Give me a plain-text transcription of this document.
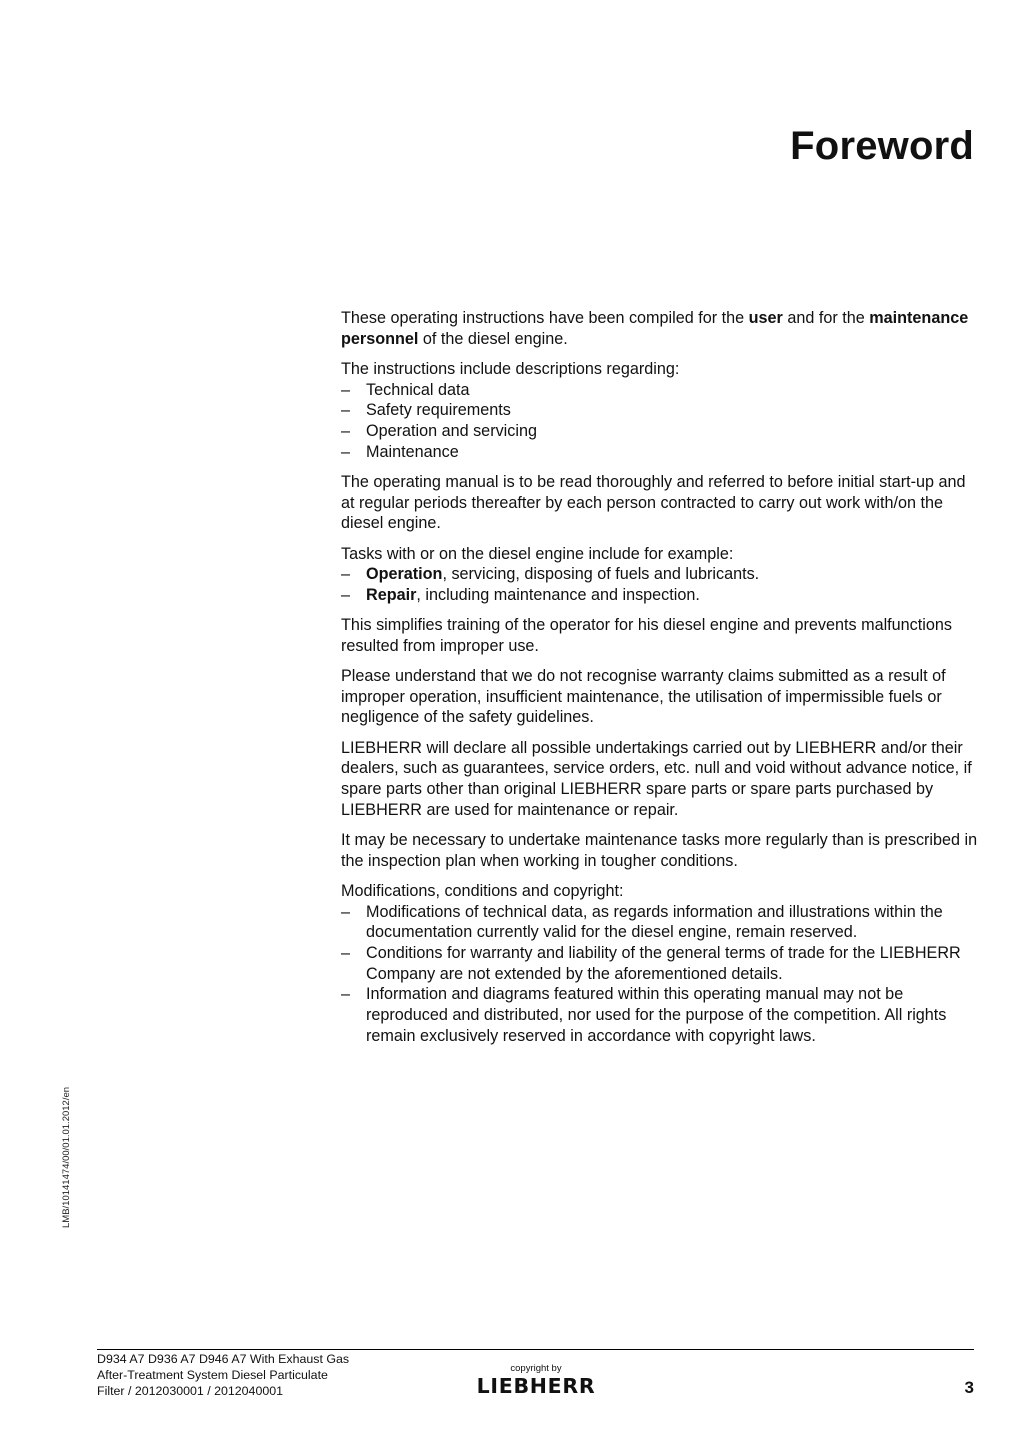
Foreword

These operating instructions have been compiled for the user and for the maintenance personnel of the diesel engine.

The instructions include descriptions regarding:

– Technical data
– Safety requirements
– Operation and servicing
– Maintenance

The operating manual is to be read thoroughly and referred to before initial start-up and at regular periods thereafter by each person contracted to carry out work with/on the diesel engine.

Tasks with or on the diesel engine include for example:

– Operation, servicing, disposing of fuels and lubricants.
– Repair, including maintenance and inspection.

This simplifies training of the operator for his diesel engine and prevents malfunctions resulted from improper use.

Please understand that we do not recognise warranty claims submitted as a result of improper operation, insufficient maintenance, the utilisation of impermissible fuels or negligence of the safety guidelines.

LIEBHERR will declare all possible undertakings carried out by LIEBHERR and/or their dealers, such as guarantees, service orders, etc. null and void without advance notice, if spare parts other than original LIEBHERR spare parts or spare parts purchased by LIEBHERR are used for maintenance or repair.

It may be necessary to undertake maintenance tasks more regularly than is prescribed in the inspection plan when working in tougher conditions.

Modifications, conditions and copyright:

– Modifications of technical data, as regards information and illustrations within the documentation currently valid for the diesel engine, remain reserved.
– Conditions for warranty and liability of the general terms of trade for the LIEBHERR Company are not extended by the aforementioned details.
– Information and diagrams featured within this operating manual may not be reproduced and distributed, nor used for the purpose of the competition. All rights remain exclusively reserved in accordance with copyright laws.
LMB/10141474/00/01.01.2012/en
D934 A7 D936 A7 D946 A7 With Exhaust Gas
After-Treatment System Diesel Particulate
Filter / 2012030001 / 2012040001
copyright by
LIEBHERR	3
